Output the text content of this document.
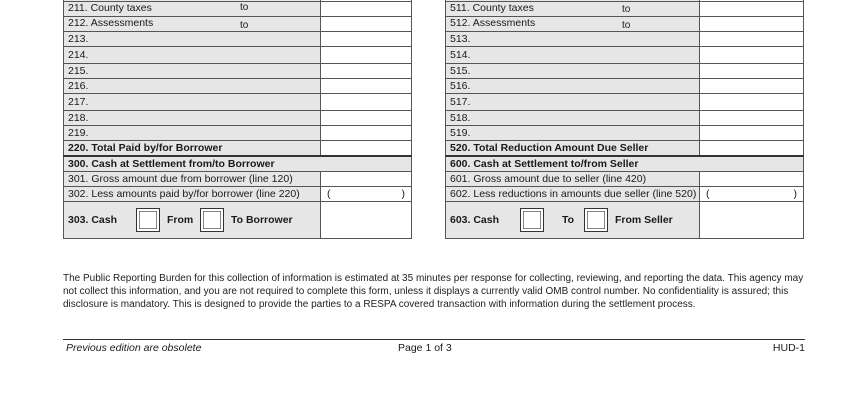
211. County taxes to	

212. Assessments to	

213.	
214.	
215.	
216.	
217.	
218.	
219.	
220. Total Paid by/for Borrower	
300. Cash at Settlement from/to Borrower	
301. Gross amount due from borrower (line 120)	
302. Less amounts paid by/for borrower (line 220)	( )

303. Cash From To Borrower	

511. County taxes to	

512. Assessments to	

513.	
514.	
515.	
516.	
517.	
518.	
519.	
520. Total Reduction Amount Due Seller	
600. Cash at Settlement to/from Seller	
601. Gross amount due to seller (line 420)	
602. Less reductions in amounts due seller (line 520)	( )

603. Cash To From Seller	

The Public Reporting Burden for this collection of information is estimated at 35 minutes per response for collecting, reviewing, and reporting the data. This agency may not collect this information, and you are not required to complete this form, unless it displays a currently valid OMB control number. No confidentiality is assured; this disclosure is mandatory. This is designed to provide the parties to a RESPA covered transaction with information during the settlement process.

Previous edition are obsolete	Page 1 of 3	HUD-1
